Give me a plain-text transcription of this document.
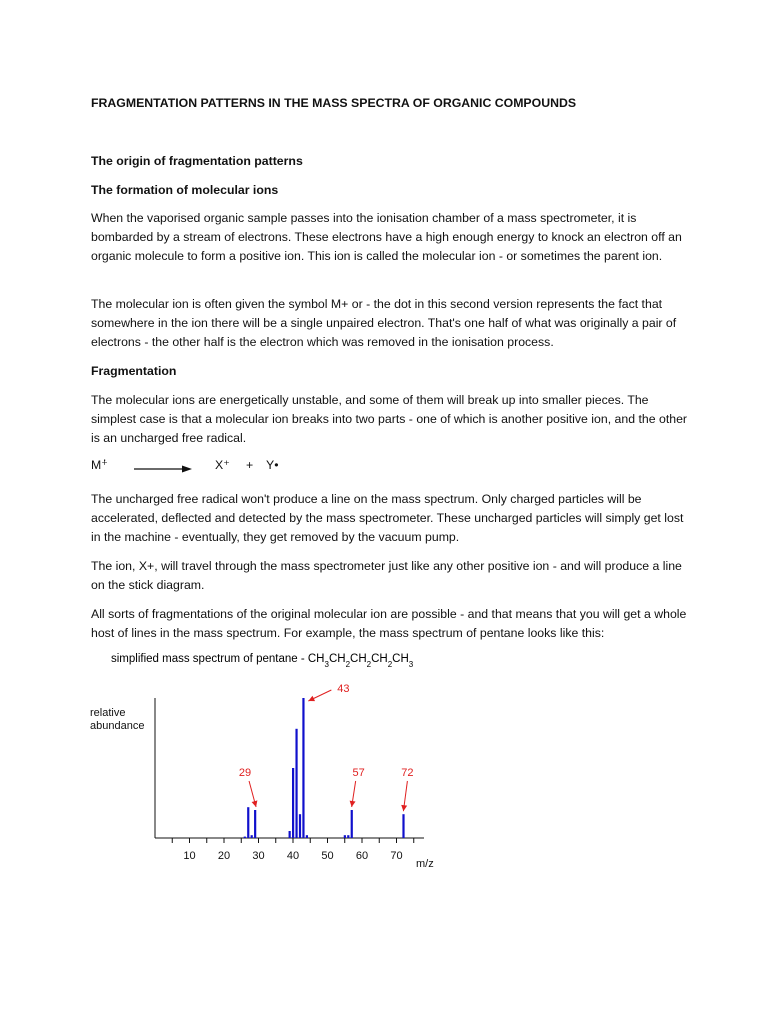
FRAGMENTATION PATTERNS IN THE MASS SPECTRA OF ORGANIC COMPOUNDS

The origin of fragmentation patterns

The formation of molecular ions

When the vaporised organic sample passes into the ionisation chamber of a mass spectrometer, it is bombarded by a stream of electrons. These electrons have a high enough energy to knock an electron off an organic molecule to form a positive ion. This ion is called the molecular ion - or sometimes the parent ion.

The molecular ion is often given the symbol M+ or - the dot in this second version represents the fact that somewhere in the ion there will be a single unpaired electron. That's one half of what was originally a pair of electrons - the other half is the electron which was removed in the ionisation process.

Fragmentation

The molecular ions are energetically unstable, and some of them will break up into smaller pieces. The simplest case is that a molecular ion breaks into two parts - one of which is another positive ion, and the other is an uncharged free radical.

M⁺̇ → X⁺ + Y•

The uncharged free radical won't produce a line on the mass spectrum. Only charged particles will be accelerated, deflected and detected by the mass spectrometer. These uncharged particles will simply get lost in the machine - eventually, they get removed by the vacuum pump.

The ion, X+, will travel through the mass spectrometer just like any other positive ion - and will produce a line on the stick diagram.

All sorts of fragmentations of the original molecular ion are possible - and that means that you will get a whole host of lines in the mass spectrum. For example, the mass spectrum of pentane looks like this:

simplified mass spectrum of pentane - $CH_3CH_2CH_2CH_2CH_3$
relative
abundance
m/z
10 20 30 40 50 60 70
29
43
57	72
